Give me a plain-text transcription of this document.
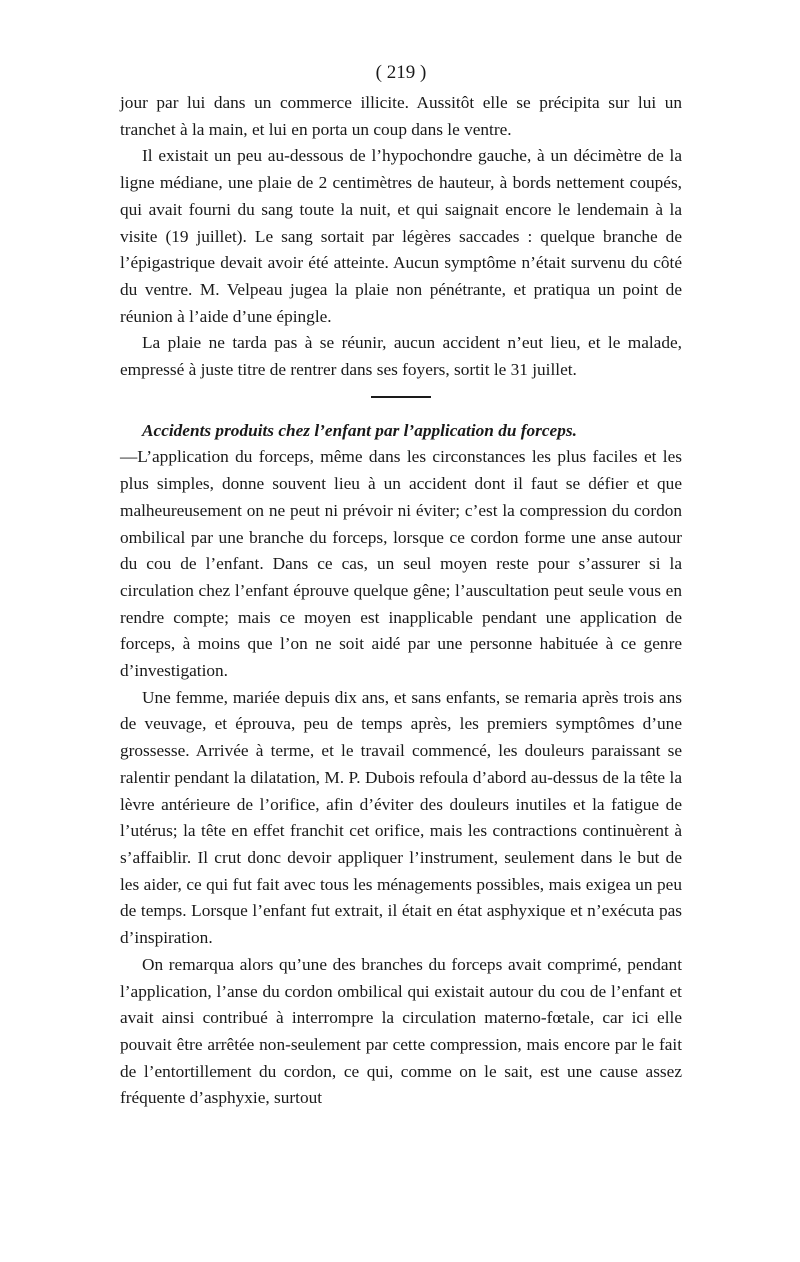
( 219 )

jour par lui dans un commerce illicite. Aussitôt elle se précipita sur lui un tranchet à la main, et lui en porta un coup dans le ventre.

Il existait un peu au-dessous de l’hypochondre gauche, à un décimètre de la ligne médiane, une plaie de 2 centimètres de hauteur, à bords nettement coupés, qui avait fourni du sang toute la nuit, et qui saignait encore le lendemain à la visite (19 juillet). Le sang sortait par légères saccades : quelque branche de l’épigastrique devait avoir été atteinte. Aucun symptôme n’était survenu du côté du ventre. M. Velpeau jugea la plaie non pénétrante, et pratiqua un point de réunion à l’aide d’une épingle.

La plaie ne tarda pas à se réunir, aucun accident n’eut lieu, et le malade, empressé à juste titre de rentrer dans ses foyers, sortit le 31 juillet.

Accidents produits chez l’enfant par l’application du forceps.
—L’application du forceps, même dans les circonstances les plus faciles et les plus simples, donne souvent lieu à un accident dont il faut se défier et que malheureusement on ne peut ni prévoir ni éviter; c’est la compression du cordon ombilical par une branche du forceps, lorsque ce cordon forme une anse autour du cou de l’enfant. Dans ce cas, un seul moyen reste pour s’assurer si la circulation chez l’enfant éprouve quelque gêne; l’auscultation peut seule vous en rendre compte; mais ce moyen est inapplicable pendant une application de forceps, à moins que l’on ne soit aidé par une personne habituée à ce genre d’investigation.

Une femme, mariée depuis dix ans, et sans enfants, se remaria après trois ans de veuvage, et éprouva, peu de temps après, les premiers symptômes d’une grossesse. Arrivée à terme, et le travail commencé, les douleurs paraissant se ralentir pendant la dilatation, M. P. Dubois refoula d’abord au-dessus de la tête la lèvre antérieure de l’orifice, afin d’éviter des douleurs inutiles et la fatigue de l’utérus; la tête en effet franchit cet orifice, mais les contractions continuèrent à s’affaiblir. Il crut donc devoir appliquer l’instrument, seulement dans le but de les aider, ce qui fut fait avec tous les ménagements possibles, mais exigea un peu de temps. Lorsque l’enfant fut extrait, il était en état asphyxique et n’exécuta pas d’inspiration.

On remarqua alors qu’une des branches du forceps avait comprimé, pendant l’application, l’anse du cordon ombilical qui existait autour du cou de l’enfant et avait ainsi contribué à interrompre la circulation materno-fœtale, car ici elle pouvait être arrêtée non-seulement par cette compression, mais encore par le fait de l’entortillement du cordon, ce qui, comme on le sait, est une cause assez fréquente d’asphyxie, surtout
